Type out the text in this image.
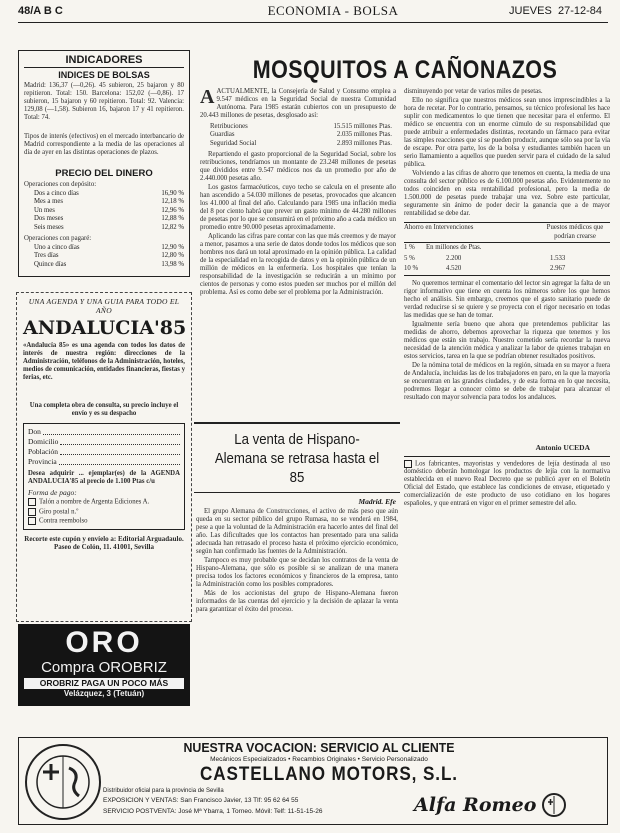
48/A B C	ECONOMIA - BOLSA	JUEVES 27-12-84
INDICADORES
INDICES DE BOLSAS
Madrid: 136,37 (—0,26). 45 subieron, 25 bajaron y 80 repitieron. Total: 150. Barcelona: 152,02 (—0,86). 17 subieron, 15 bajaron y 60 repitieron. Total: 92. Valencia: 129,08 (—1,58). Subieron 16, bajaron 17 y 41 repitieron. Total: 74.
Tipos de interés (efectivos) en el mercado interbancario de Madrid correspondiente a la media de las operaciones al día de ayer en las distintas operaciones de plazos.
PRECIO DEL DINERO
Operaciones con depósito:
Dos a cinco días	16,90 %
Mes a mes	12,18 %
Un mes	12,96 %
Dos meses	12,88 %
Seis meses	12,82 %
Operaciones con pagaré:
Uno a cinco días	12,90 %
Tres días	12,80 %
Quince días	13,98 %
UNA AGENDA Y UNA GUIA PARA TODO EL AÑO
ANDALUCIA'85
«Andalucía 85» es una agenda con todos los datos de interés de nuestra región: direcciones de la Administración, teléfonos de la Administración, hoteles, medios de comunicación, entidades financieras, fiestas y ferias, etc.
Una completa obra de consulta, su precio incluye el envío y es su despacho
Don
Domicilio
Población
Provincia
Desea adquirir ... ejemplar(es) de la AGENDA ANDALUCIA'85 al precio de 1.100 Ptas c/u
Forma de pago:
Talón a nombre de Argenta Ediciones A.
Giro postal n.º
Contra reembolso
Recorte este cupón y envíelo a: Editorial Arguadaulo. Paseo de Colón, 11. 41001, Sevilla
ORO
Compra OROBRIZ
OROBRIZ PAGA UN POCO MÁS
Velázquez, 3 (Tetuán)
MOSQUITOS A CAÑONAZOS
AACTUALMENTE, la Consejería de Salud y Consumo emplea a 9.547 médicos en la Seguridad Social de nuestra Comunidad Autónoma. Para 1985 estarán cubiertos con un presupuesto de 20.443 millones de pesetas, desglosado así:
Retribuciones	15.515 millones Ptas.
Guardias	2.035 millones Ptas.
Seguridad Social	2.893 millones Ptas.
Repartiendo el gasto proporcional de la Seguridad Social, sobre los retribuciones, tendríamos un montante de 23.248 millones de pesetas que divididos entre 9.547 médicos nos da un promedio por año de 2.440.000 pesetas año.
Los gastos farmacéuticos, cuyo techo se calcula en el presente año han ascendido a 54.030 millones de pesetas, provocados que alcancen los 41.000 al final del año. Calculando para 1985 una inflación media del 8 por ciento habrá que prever un gasto mínimo de 44.280 millones de pesetas por lo que se consumirá en el próximo año a cada médico un promedio entre 90.000 pesetas aproximadamente.
Aplicando las cifras pare contar con las que más creemos y de mayor a menor, pasamos a una serie de datos donde todos los médicos que son hombres nos dará un total aproximado en la opinión pública. La calidad de la especialidad en la recogida de datos y en la opinión pública de un millón de médicos en la enfermería. Los hospitales que tenían la responsabilidad de la investigación se reducirán a un mínimo por cientos de personas y como estos pueden ser muchos por el millón del problema. Así es como debe ser el problema por la Administración.
disminuyendo por vetar de varios miles de pesetas.
Ello no significa que nuestros médicos sean unos imprescindibles a la hora de recetar. Por lo contrario, pensamos, su técnico profesional les hace suplir con medicamentos lo que tienen que necesitar para el enfermo. El médico se encuentra con un enorme cúmulo de su responsabilidad que puede atribuir a enfermedades distintas, recetando un fármaco para evitar las simples reacciones que sí se pueden producir, aunque sólo sea por la vía de escape. Por otra parte, los de la bolsa y estudiantes también hacen un serio llamamiento a aquellos que pueden servir para el cuidado de la salud pública.
Volviendo a las cifras de ahorro que tenemos en cuenta, la media de una consulta del sector público es de 6.100.000 pesetas año. Evidentemente no todos coinciden en esta rentabilidad profesional, pero la media de 1.500.000 de pesetas puede trabajar una vez. Sobre este particular, seguramente sin ánimo de poder decir la ganancia que a de mayor rentabilidad se debe dar.
Ahorro en Intervenciones	Puestos médicos que podrían crearse
1 %	En millones de Ptas.
5 %	2.200	1.533
10 %	4.520	2.967
No queremos terminar el comentario del lector sin agregar la falta de un rigor informativo que tiene en cuenta los números sobre los que hemos hecho el análisis. Sin embargo, creemos que el gasto sanitario puede de verdad reducirse si se quiere y se proyecta con el rigor necesario en todas las medidas que se han de tomar.
Igualmente sería bueno que ahora que pretendemos publicitar las medidas de ahorro, debemos aprovechar la riqueza que tenemos y los médicos que están sin trabajo. Nuestro cometido sería recordar la nueva necesidad de la atención médica y analizar la labor de quienes trabajan en estos servicios, tarea en la que se podrían obtener resultados positivos.
De la nómina total de médicos en la región, situada en su mayor a fuera de Andalucía, incluidas las de los trabajadores en paro, en la que la mayoría se encuentran en las grandes ciudades, y de esta forma en lo que necesita, podremos llegar a conocer cómo se debe de trabajar para alcanzar el resultado con mayor solvencia para todos los andaluces.
Antonio UCEDA
Los fabricantes, mayoristas y vendedores de lejía destinada al uso doméstico deberán homologar los productos de lejía con la normativa establecida en el nuevo Real Decreto que se publicó ayer en el Boletín Oficial del Estado, que establece las condiciones de envase, etiquetado y comercialización de este producto de uso cotidiano en los hogares españoles, y que entrará en vigor en el primer semestre del año.
La venta de Hispano-Alemana se retrasa hasta el 85
Madrid. Efe
El grupo Alemana de Construcciones, el activo de más peso que aún queda en su sector público del grupo Rumasa, no se venderá en 1984, pese a que la voluntad de la Administración era hacerlo antes del final del año. Las dificultades que los contactos han presentado para una salida adecuada han retrasado el proceso hasta el próximo ejercicio económico, según han confirmado las fuentes de la Administración.
Tampoco es muy probable que se decidan los contratos de la venta de Hispano-Alemana, que sólo es posible si se analizan de una manera precisa todos los factores económicos y financieros de la empresa, tanto la Administración como los posibles compradores.
Más de los accionistas del grupo de Hispano-Alemana fueron informados de las cuentas del ejercicio y la decisión de aplazar la venta para garantizar el éxito del proceso.
NUESTRA VOCACION: SERVICIO AL CLIENTE
Mecánicos Especializados • Recambios Originales • Servicio Personalizado
CASTELLANO MOTORS, S.L.
Distribuidor oficial para la provincia de Sevilla
EXPOSICION Y VENTAS: San Francisco Javier, 13 Tlf: 95 62 64 55
SERVICIO POSTVENTA: José Mª Ybarra, 1 Torneo. Móvil: Telf: 11-51-15-26	Alfa Romeo
